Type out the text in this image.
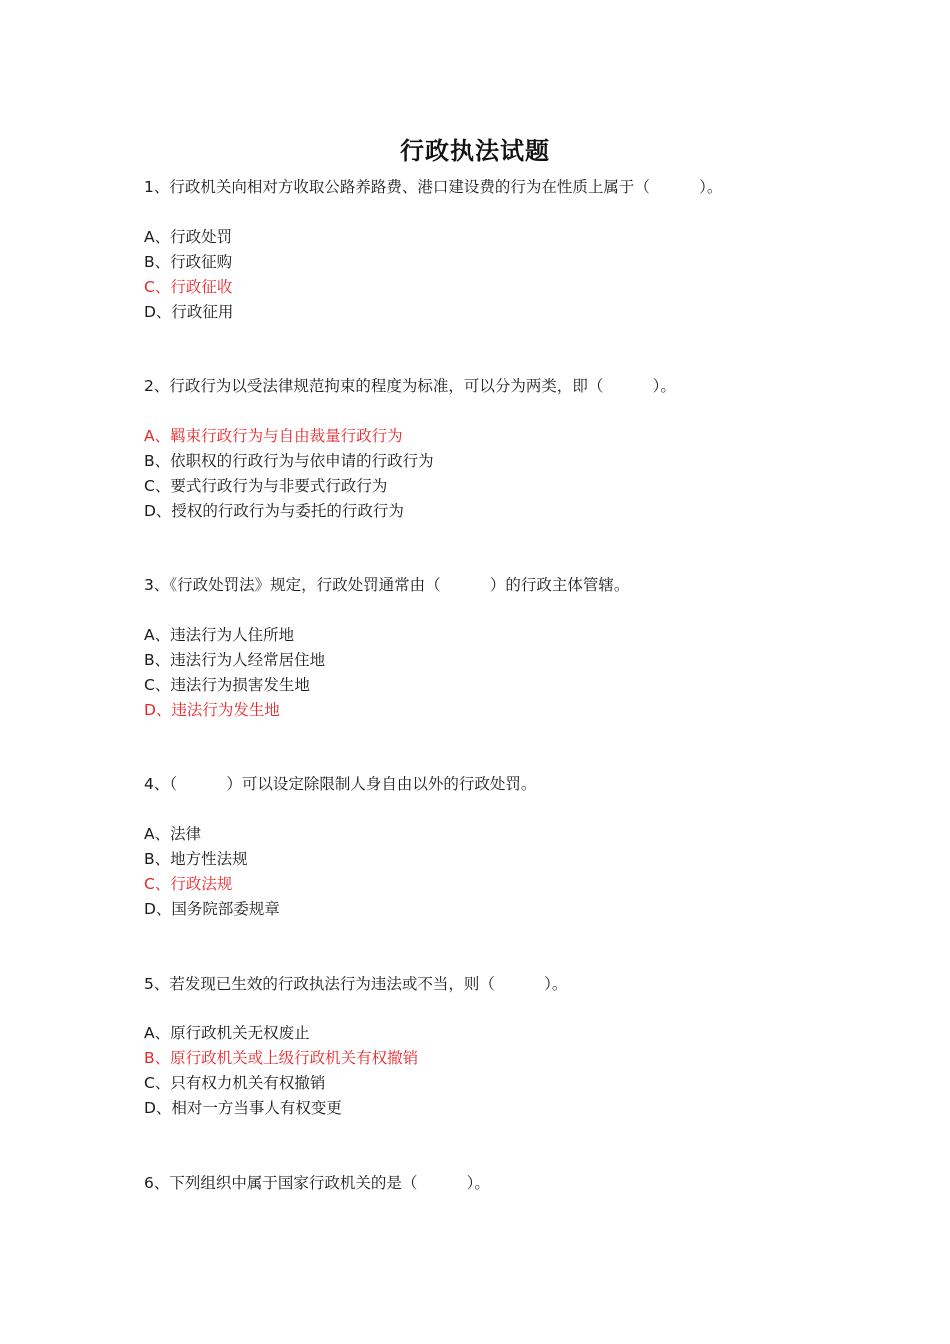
行政执法试题
1、行政机关向相对方收取公路养路费、港口建设费的行为在性质上属于（          ）。
A、行政处罚
B、行政征购
C、行政征收
D、行政征用
2、行政行为以受法律规范拘束的程度为标准，可以分为两类，即（          ）。
A、羁束行政行为与自由裁量行政行为
B、依职权的行政行为与依申请的行政行为
C、要式行政行为与非要式行政行为
D、授权的行政行为与委托的行政行为
3、《行政处罚法》规定，行政处罚通常由（          ）的行政主体管辖。
A、违法行为人住所地
B、违法行为人经常居住地
C、违法行为损害发生地
D、违法行为发生地
4、（          ）可以设定除限制人身自由以外的行政处罚。
A、法律
B、地方性法规
C、行政法规
D、国务院部委规章
5、若发现已生效的行政执法行为违法或不当，则（          ）。
A、原行政机关无权废止
B、原行政机关或上级行政机关有权撤销
C、只有权力机关有权撤销
D、相对一方当事人有权变更
6、下列组织中属于国家行政机关的是（          ）。
